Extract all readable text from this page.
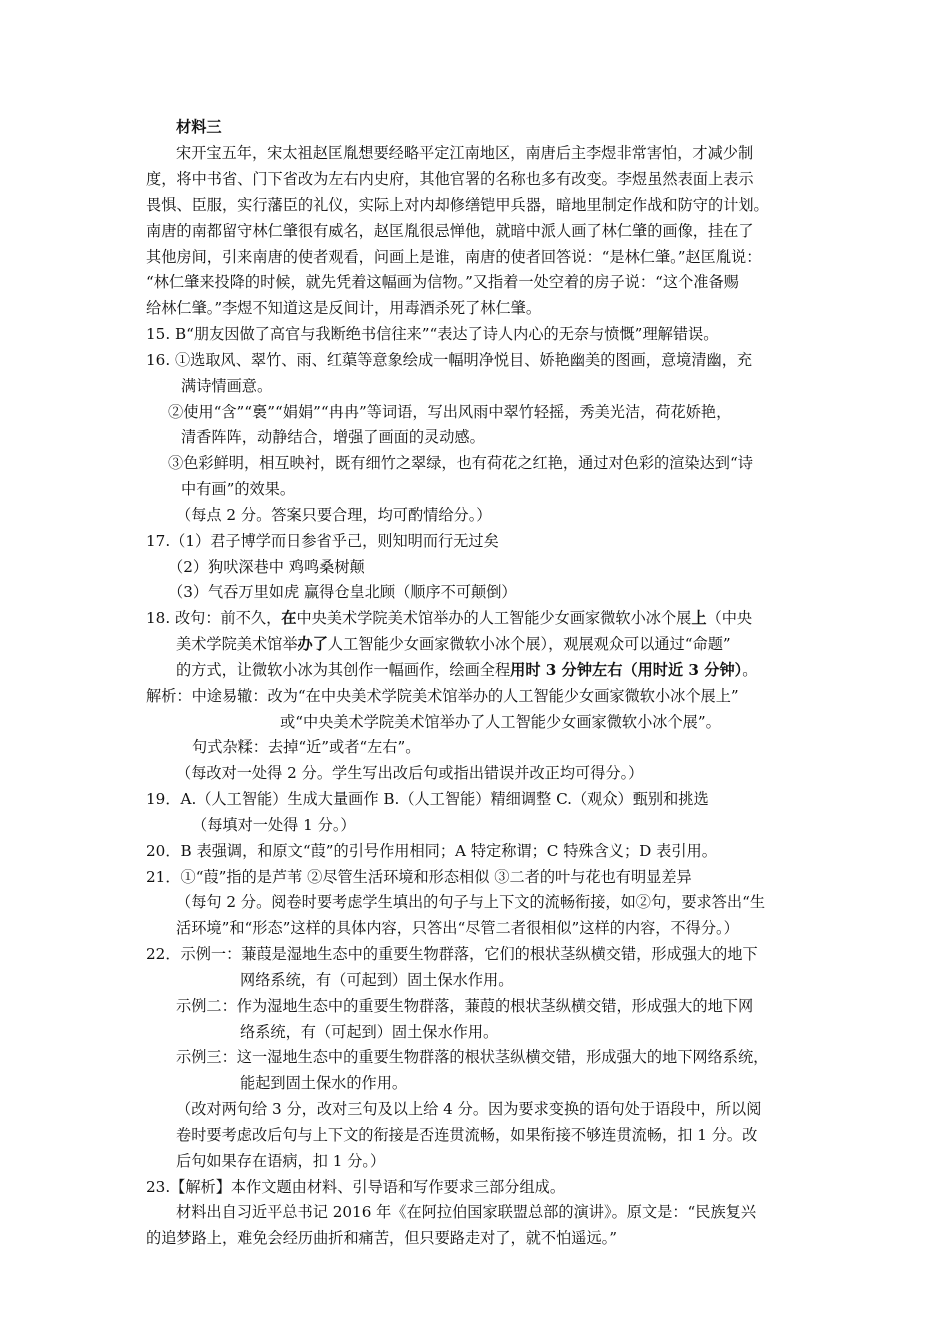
材料三
宋开宝五年，宋太祖赵匡胤想要经略平定江南地区，南唐后主李煜非常害怕，才减少制
度，将中书省、门下省改为左右内史府，其他官署的名称也多有改变。李煜虽然表面上表示
畏惧、臣服，实行藩臣的礼仪，实际上对内却修缮铠甲兵器，暗地里制定作战和防守的计划。
南唐的南都留守林仁肇很有威名，赵匡胤很忌惮他，就暗中派人画了林仁肇的画像，挂在了
其他房间，引来南唐的使者观看，问画上是谁，南唐的使者回答说：“是林仁肇。”赵匡胤说：
“林仁肇来投降的时候，就先凭着这幅画为信物。”又指着一处空着的房子说：“这个准备赐
给林仁肇。”李煜不知道这是反间计，用毒酒杀死了林仁肇。
15. B“朋友因做了高官与我断绝书信往来”“表达了诗人内心的无奈与愤慨”理解错误。
16. ①选取风、翠竹、雨、红蕖等意象绘成一幅明净悦目、娇艳幽美的图画，意境清幽，充
满诗情画意。
②使用“含”“裛”“娟娟”“冉冉”等词语，写出风雨中翠竹轻摇，秀美光洁，荷花娇艳，
清香阵阵，动静结合，增强了画面的灵动感。
③色彩鲜明，相互映衬，既有细竹之翠绿，也有荷花之红艳，通过对色彩的渲染达到“诗
中有画”的效果。
（每点 2 分。答案只要合理，均可酌情给分。）
17.（1）君子博学而日参省乎己，则知明而行无过矣
（2）狗吠深巷中 鸡鸣桑树颠
（3）气吞万里如虎 赢得仓皇北顾（顺序不可颠倒）
18. 改句：前不久，在中央美术学院美术馆举办的人工智能少女画家微软小冰个展上（中央
美术学院美术馆举办了人工智能少女画家微软小冰个展），观展观众可以通过“命题”
的方式，让微软小冰为其创作一幅画作，绘画全程用时 3 分钟左右（用时近 3 分钟）。
解析：中途易辙：改为“在中央美术学院美术馆举办的人工智能少女画家微软小冰个展上”
或“中央美术学院美术馆举办了人工智能少女画家微软小冰个展”。
句式杂糅：去掉“近”或者“左右”。
（每改对一处得 2 分。学生写出改后句或指出错误并改正均可得分。）
19．A.（人工智能）生成大量画作 B.（人工智能）精细调整 C.（观众）甄别和挑选
（每填对一处得 1 分。）
20．B 表强调，和原文“葭”的引号作用相同；A 特定称谓；C 特殊含义；D 表引用。
21．①“葭”指的是芦苇 ②尽管生活环境和形态相似 ③二者的叶与花也有明显差异
（每句 2 分。阅卷时要考虑学生填出的句子与上下文的流畅衔接，如②句，要求答出“生
活环境”和“形态”这样的具体内容，只答出“尽管二者很相似”这样的内容，不得分。）
22．示例一：蒹葭是湿地生态中的重要生物群落，它们的根状茎纵横交错，形成强大的地下
网络系统，有（可起到）固土保水作用。
示例二：作为湿地生态中的重要生物群落，蒹葭的根状茎纵横交错，形成强大的地下网
络系统，有（可起到）固土保水作用。
示例三：这一湿地生态中的重要生物群落的根状茎纵横交错，形成强大的地下网络系统，
能起到固土保水的作用。
（改对两句给 3 分，改对三句及以上给 4 分。因为要求变换的语句处于语段中，所以阅
卷时要考虑改后句与上下文的衔接是否连贯流畅，如果衔接不够连贯流畅，扣 1 分。改
后句如果存在语病，扣 1 分。）
23.【解析】本作文题由材料、引导语和写作要求三部分组成。
材料出自习近平总书记 2016 年《在阿拉伯国家联盟总部的演讲》。原文是：“民族复兴
的追梦路上，难免会经历曲折和痛苦，但只要路走对了，就不怕遥远。”
